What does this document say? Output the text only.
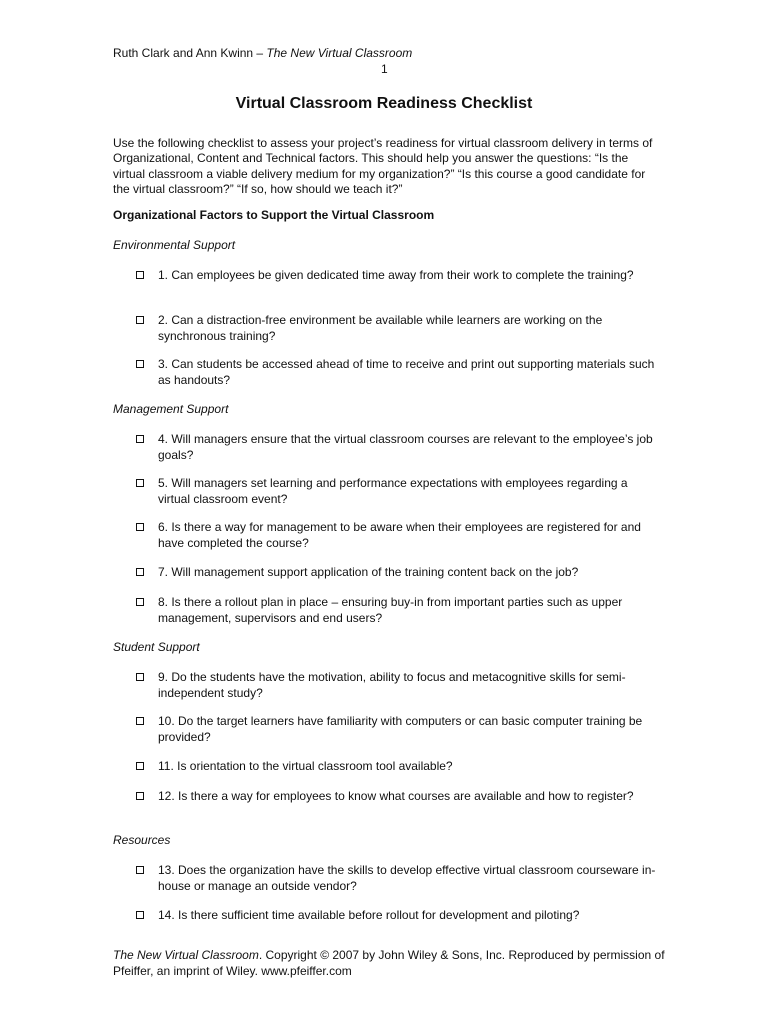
Ruth Clark and Ann Kwinn – The New Virtual Classroom
1
Virtual Classroom Readiness Checklist

Use the following checklist to assess your project’s readiness for virtual classroom delivery in terms of Organizational, Content and Technical factors. This should help you answer the questions: “Is the virtual classroom a viable delivery medium for my organization?” “Is this course a good candidate for the virtual classroom?” “If so, how should we teach it?”

Organizational Factors to Support the Virtual Classroom

Environmental Support

1. Can employees be given dedicated time away from their work to complete the training?

2. Can a distraction-free environment be available while learners are working on the synchronous training?

3. Can students be accessed ahead of time to receive and print out supporting materials such as handouts?

Management Support

4. Will managers ensure that the virtual classroom courses are relevant to the employee’s job goals?

5. Will managers set learning and performance expectations with employees regarding a virtual classroom event?

6. Is there a way for management to be aware when their employees are registered for and have completed the course?

7. Will management support application of the training content back on the job?

8. Is there a rollout plan in place – ensuring buy-in from important parties such as upper management, supervisors and end users?

Student Support

9. Do the students have the motivation, ability to focus and metacognitive skills for semi-independent study?

10. Do the target learners have familiarity with computers or can basic computer training be provided?

11. Is orientation to the virtual classroom tool available?

12. Is there a way for employees to know what courses are available and how to register?

Resources

13. Does the organization have the skills to develop effective virtual classroom courseware in-house or manage an outside vendor?

14. Is there sufficient time available before rollout for development and piloting?

The New Virtual Classroom. Copyright © 2007 by John Wiley & Sons, Inc. Reproduced by permission of Pfeiffer, an imprint of Wiley. www.pfeiffer.com
